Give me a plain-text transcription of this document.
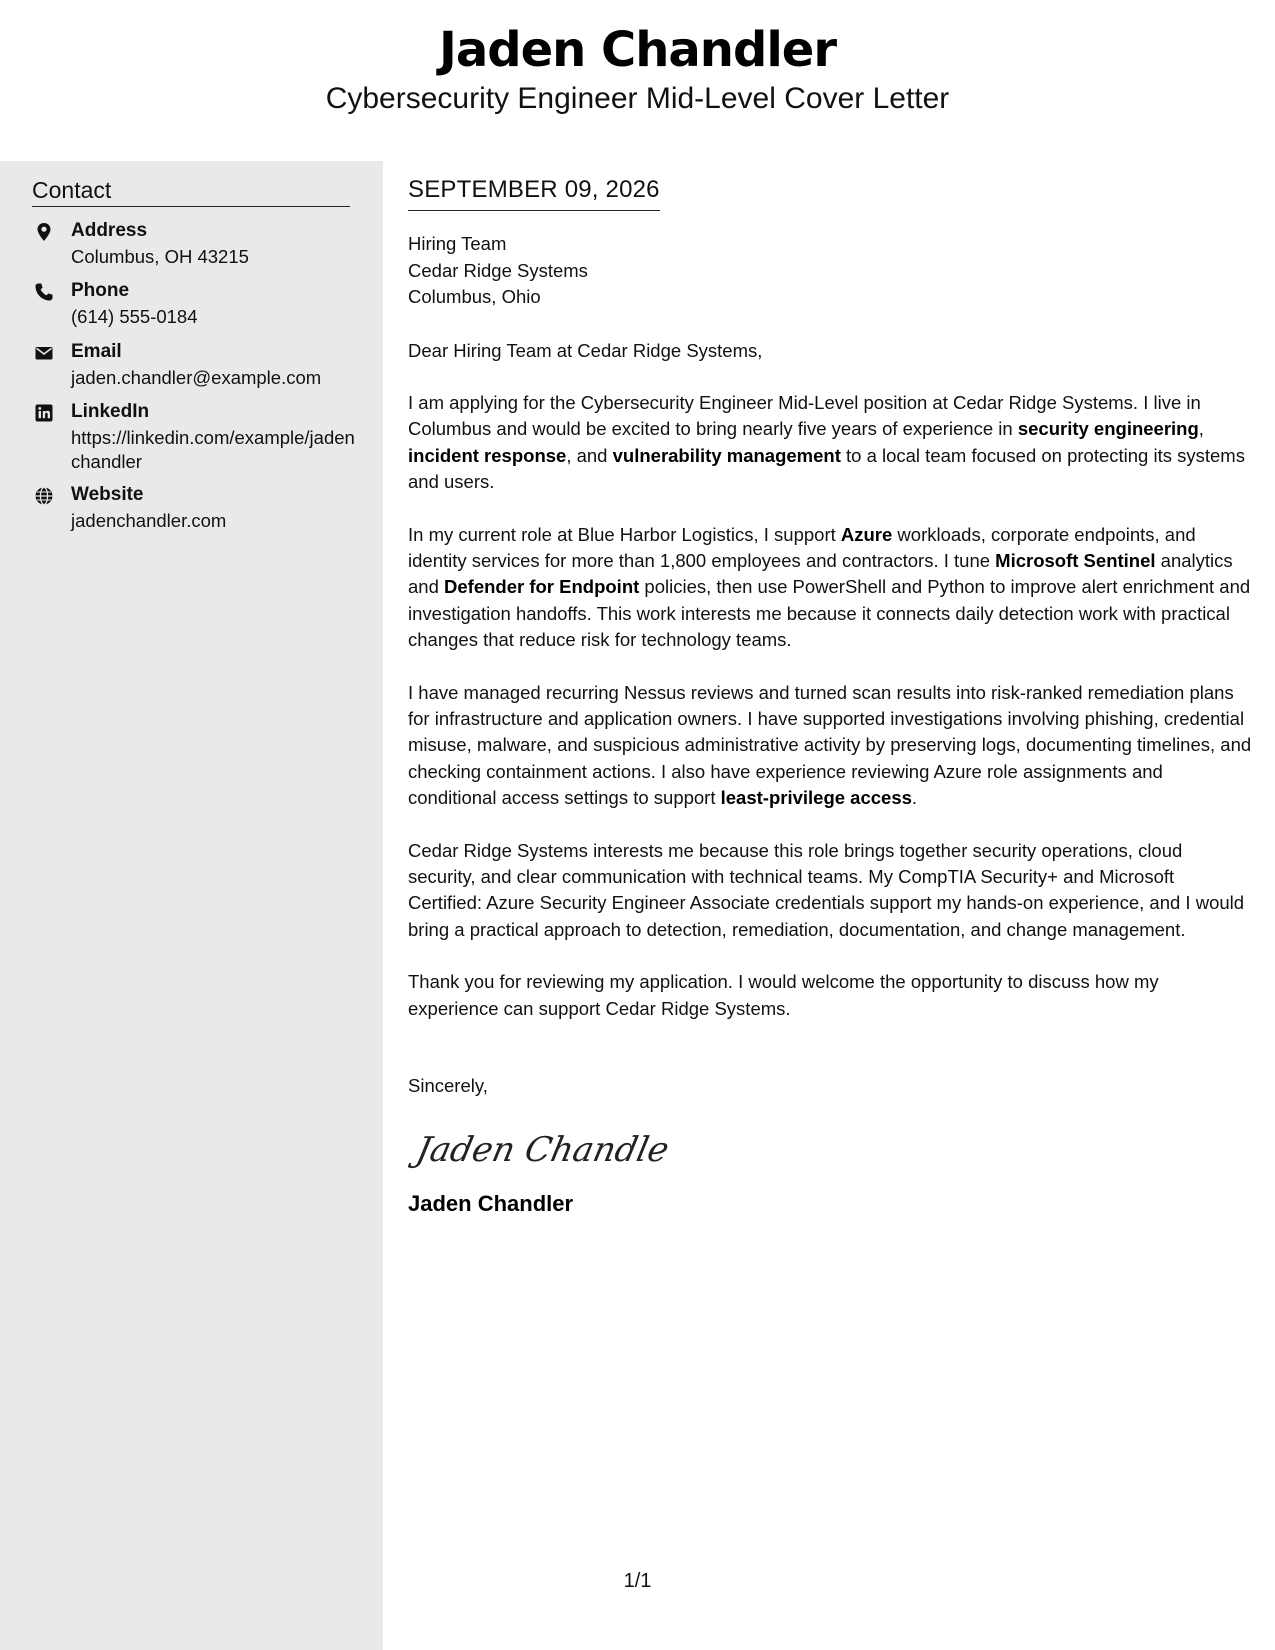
Jaden Chandler
Cybersecurity Engineer Mid-Level Cover Letter
Contact
Address
Columbus, OH 43215
Phone
(614) 555-0184
Email
jaden.chandler@example.com
LinkedIn
https://linkedin.com/example/jadenchandler
Website
jadenchandler.com
SEPTEMBER 09, 2026
Hiring Team
Cedar Ridge Systems
Columbus, Ohio

Dear Hiring Team at Cedar Ridge Systems,

I am applying for the Cybersecurity Engineer Mid-Level position at Cedar Ridge Systems. I live in Columbus and would be excited to bring nearly five years of experience in security engineering, incident response, and vulnerability management to a local team focused on protecting its systems and users.

In my current role at Blue Harbor Logistics, I support Azure workloads, corporate endpoints, and identity services for more than 1,800 employees and contractors. I tune Microsoft Sentinel analytics and Defender for Endpoint policies, then use PowerShell and Python to improve alert enrichment and investigation handoffs. This work interests me because it connects daily detection work with practical changes that reduce risk for technology teams.

I have managed recurring Nessus reviews and turned scan results into risk-ranked remediation plans for infrastructure and application owners. I have supported investigations involving phishing, credential misuse, malware, and suspicious administrative activity by preserving logs, documenting timelines, and checking containment actions. I also have experience reviewing Azure role assignments and conditional access settings to support least-privilege access.

Cedar Ridge Systems interests me because this role brings together security operations, cloud security, and clear communication with technical teams. My CompTIA Security+ and Microsoft Certified: Azure Security Engineer Associate credentials support my hands-on experience, and I would bring a practical approach to detection, remediation, documentation, and change management.

Thank you for reviewing my application. I would welcome the opportunity to discuss how my experience can support Cedar Ridge Systems.

Sincerely,
Jaden Chandler
Jaden Chandler
1/1
